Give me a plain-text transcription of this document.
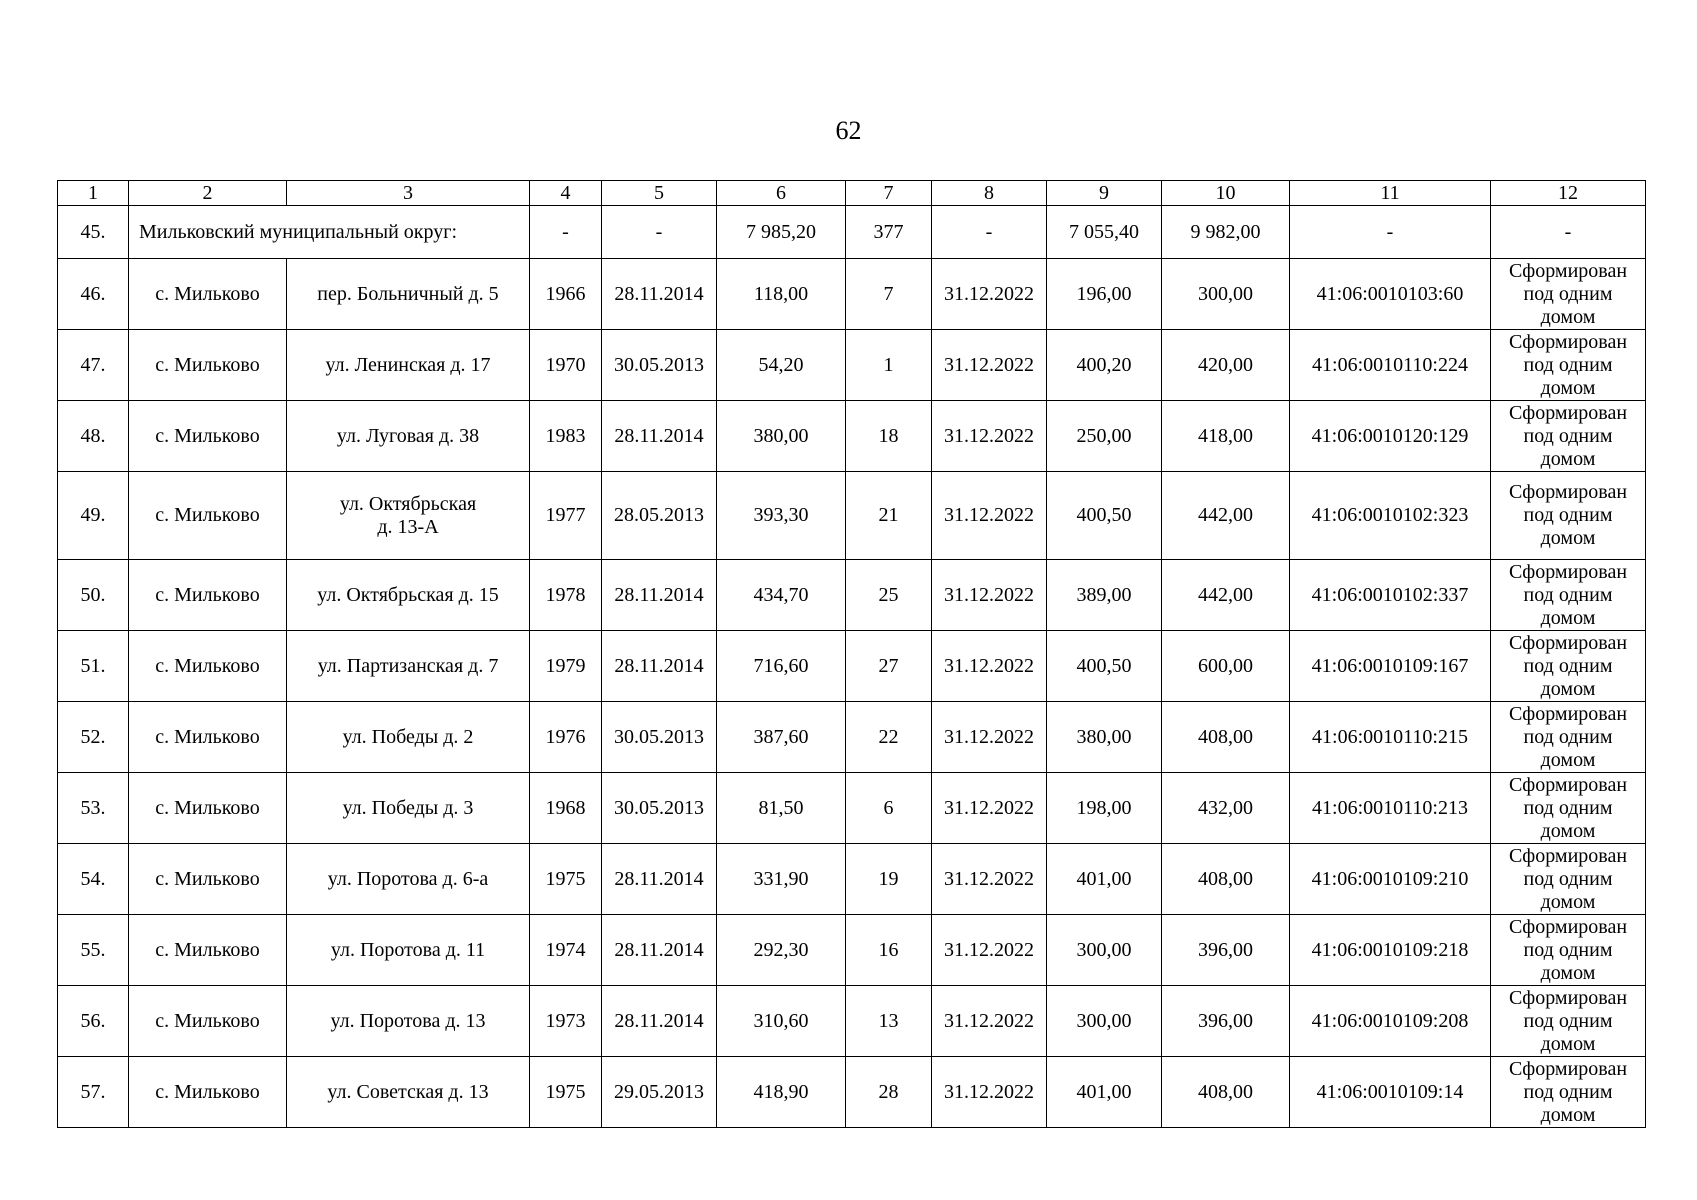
62
1	2	3	4	5	6	7	8	9	10	11	12
45.	Мильковский муниципальный округ:		-	-	7 985,20	377	-	7 055,40	9 982,00	-	-
46.	с. Мильково	пер. Больничный д. 5	1966	28.11.2014	118,00	7	31.12.2022	196,00	300,00	41:06:0010103:60	Сформирован под одним домом
47.	с. Мильково	ул. Ленинская д. 17	1970	30.05.2013	54,20	1	31.12.2022	400,20	420,00	41:06:0010110:224	Сформирован под одним домом
48.	с. Мильково	ул. Луговая д. 38	1983	28.11.2014	380,00	18	31.12.2022	250,00	418,00	41:06:0010120:129	Сформирован под одним домом
49.	с. Мильково	ул. Октябрьская
д. 13-А	1977	28.05.2013	393,30	21	31.12.2022	400,50	442,00	41:06:0010102:323	Сформирован под одним домом
50.	с. Мильково	ул. Октябрьская д. 15	1978	28.11.2014	434,70	25	31.12.2022	389,00	442,00	41:06:0010102:337	Сформирован под одним домом
51.	с. Мильково	ул. Партизанская д. 7	1979	28.11.2014	716,60	27	31.12.2022	400,50	600,00	41:06:0010109:167	Сформирован под одним домом
52.	с. Мильково	ул. Победы д. 2	1976	30.05.2013	387,60	22	31.12.2022	380,00	408,00	41:06:0010110:215	Сформирован под одним домом
53.	с. Мильково	ул. Победы д. 3	1968	30.05.2013	81,50	6	31.12.2022	198,00	432,00	41:06:0010110:213	Сформирован под одним домом
54.	с. Мильково	ул. Поротова д. 6-а	1975	28.11.2014	331,90	19	31.12.2022	401,00	408,00	41:06:0010109:210	Сформирован под одним домом
55.	с. Мильково	ул. Поротова д. 11	1974	28.11.2014	292,30	16	31.12.2022	300,00	396,00	41:06:0010109:218	Сформирован под одним домом
56.	с. Мильково	ул. Поротова д. 13	1973	28.11.2014	310,60	13	31.12.2022	300,00	396,00	41:06:0010109:208	Сформирован под одним домом
57.	с. Мильково	ул. Советская д. 13	1975	29.05.2013	418,90	28	31.12.2022	401,00	408,00	41:06:0010109:14	Сформирован под одним домом
